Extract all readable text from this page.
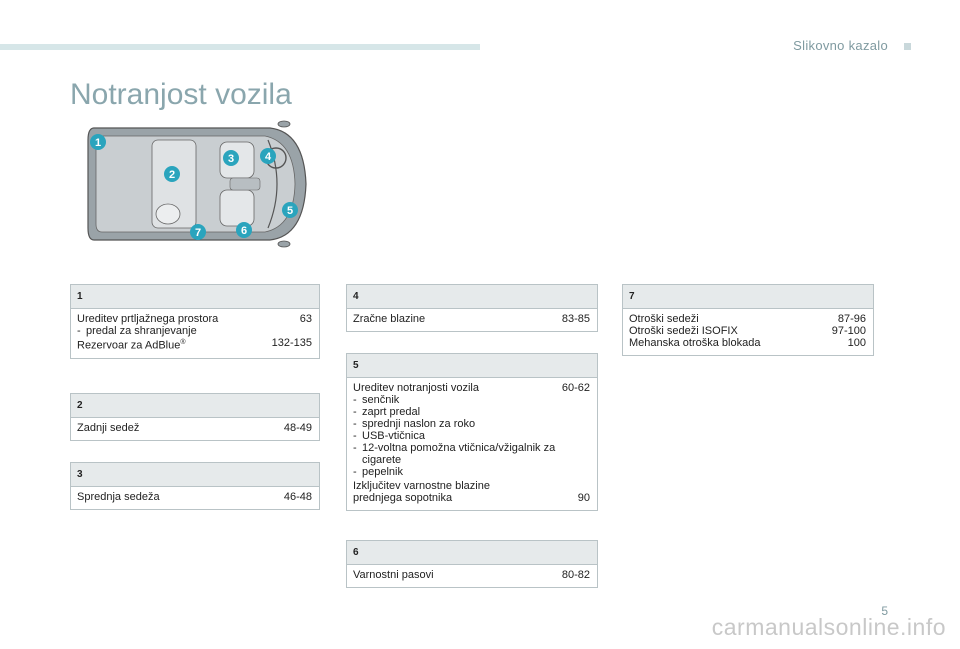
Slikovno kazalo
Notranjost vozila
1
2
3	4
5
6
7
1
Ureditev prtljažnega prostora	63
- predal za shranjevanje
Rezervoar za AdBlue®	132-135
2
Zadnji sedež	48-49
3
Sprednja sedeža	46-48
4
Zračne blazine	83-85
5
Ureditev notranjosti vozila	60-62
- senčnik
- zaprt predal
- sprednji naslon za roko
- USB-vtičnica
- 12-voltna pomožna vtičnica/vžigalnik za
cigarete
- pepelnik
Izključitev varnostne blazine
prednjega sopotnika	90
6
Varnostni pasovi	80-82
7
Otroški sedeži	87-96
Otroški sedeži ISOFIX	97-100
Mehanska otroška blokada	100
5
carmanualsonline.info
